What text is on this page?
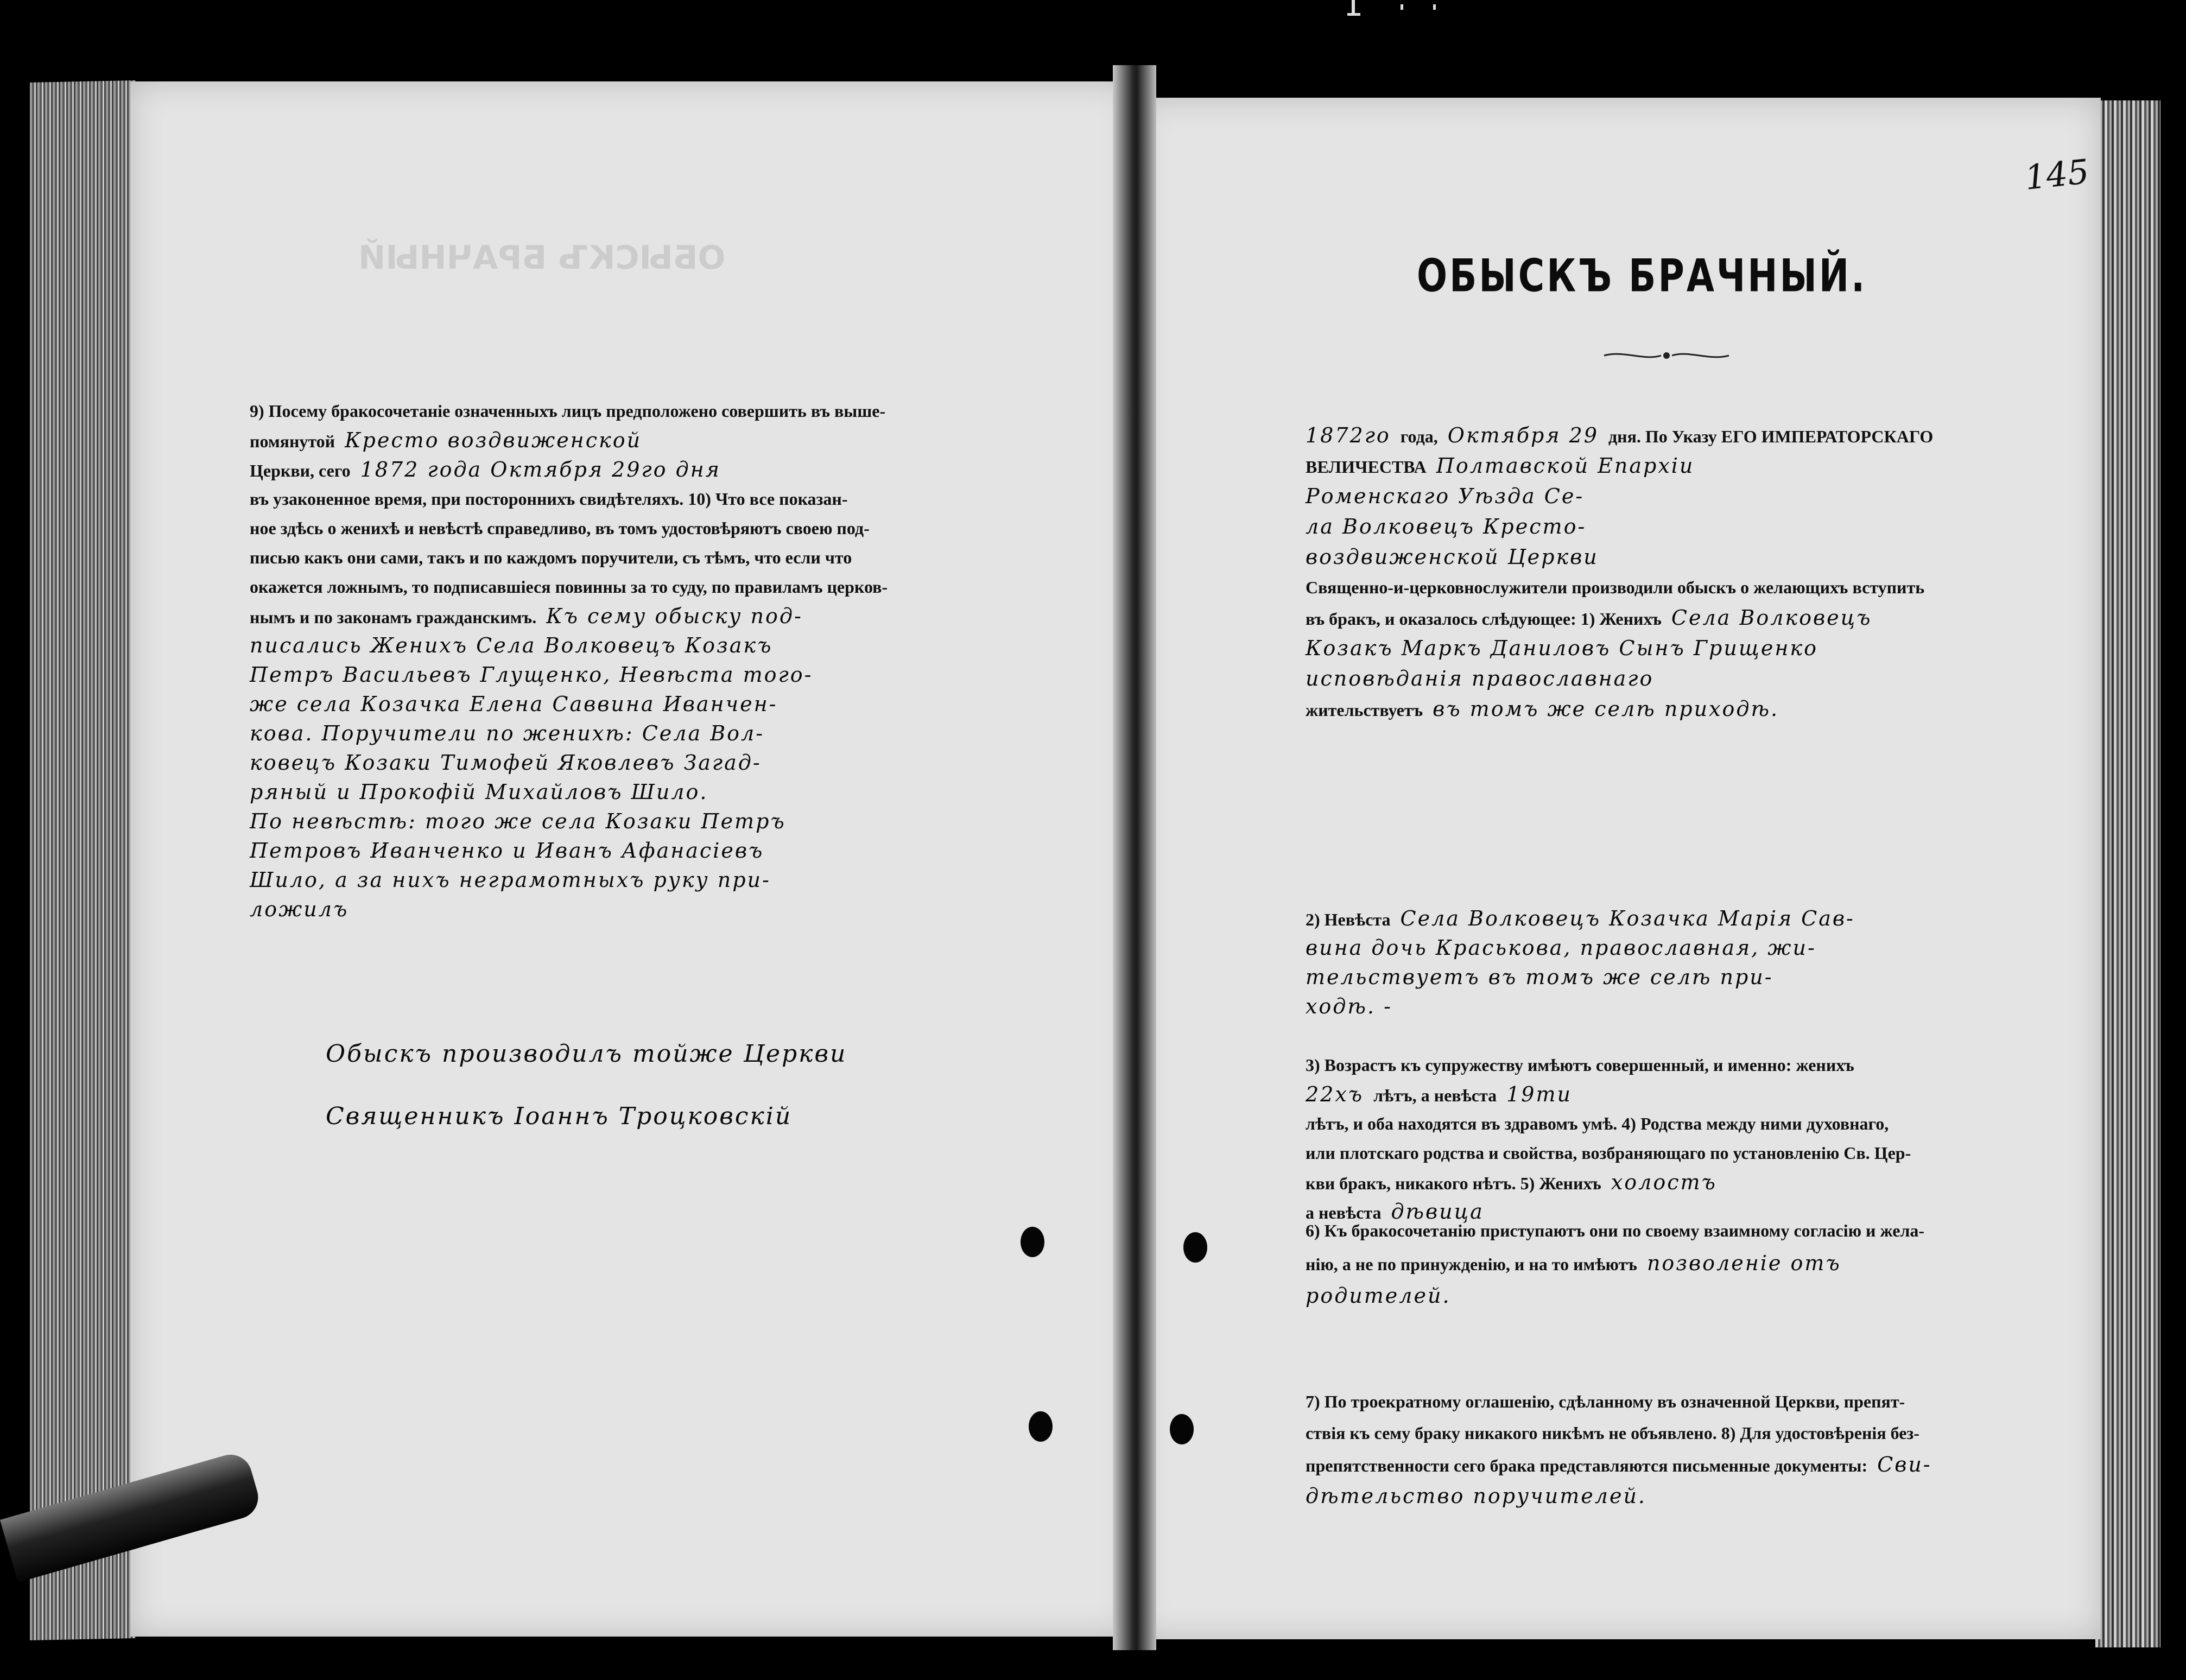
ОБЫСКЪ БРАЧНЫЙ
9) Посему бракосочетаніе означенныхъ лицъ предположено совершить въ выше-
помянутой Кресто воздвиженской
Церкви, сего 1872 года Октября 29го дня
въ узаконенное время, при постороннихъ свидѣтеляхъ. 10) Что все показан-
ное здѣсь о женихѣ и невѣстѣ справедливо, въ томъ удостовѣряютъ своею под-
писью какъ они сами, такъ и по каждомъ поручители, съ тѣмъ, что если что
окажется ложнымъ, то подписавшіеся повинны за то суду, по правиламъ церков-
нымъ и по законамъ гражданскимъ. Къ сему обыску под-
писались Женихъ Села Волковецъ Козакъ
Петръ Васильевъ Глущенко, Невѣста того-
же села Козачка Елена Саввина Иванчен-
кова. Поручители по женихѣ: Села Вол-
ковецъ Козаки Тимофей Яковлевъ Загад-
ряный и Прокофій Михайловъ Шило.
По невѣстѣ: того же села Козаки Петръ
Петровъ Иванченко и Иванъ Афанасіевъ
Шило, а за нихъ неграмотныхъ руку при-
ложилъ
Обыскъ производилъ тойже Церкви
Священникъ Іоаннъ Троцковскій
145
ОБЫСКЪ БРАЧНЫЙ.
1872го года, Октября 29 дня. По Указу ЕГО ИМПЕРАТОРСКАГО
ВЕЛИЧЕСТВА Полтавской Епархіи
Роменскаго Уѣзда Се-
ла Волковецъ Кресто-
воздвиженской Церкви
Священно-и-церковнослужители производили обыскъ о желающихъ вступить
въ бракъ, и оказалось слѣдующее: 1) Женихъ Села Волковецъ
Козакъ Маркъ Даниловъ Сынъ Грищенко
исповѣданія православнаго
жительствуетъ въ томъ же селѣ приходѣ.
2) Невѣста Села Волковецъ Козачка Марія Сав-
вина дочь Краськова, православная, жи-
тельствуетъ въ томъ же селѣ при-
ходѣ. -
3) Возрастъ къ супружеству имѣютъ совершенный, и именно: женихъ
22хъ лѣтъ, а невѣста 19ти
лѣтъ, и оба находятся въ здравомъ умѣ. 4) Родства между ними духовнаго,
или плотскаго родства и свойства, возбраняющаго по установленію Св. Цер-
кви бракъ, никакого нѣтъ. 5) Женихъ холостъ
а невѣста дѣвица
6) Къ бракосочетанію приступаютъ они по своему взаимному согласію и жела-
нію, а не по принужденію, и на то имѣютъ позволеніе отъ
родителей.
7) По троекратному оглашенію, сдѣланному въ означенной Церкви, препят-
ствія къ сему браку никакого никѣмъ не объявлено. 8) Для удостовѣренія без-
препятственности сего брака представляются письменные документы: Сви-
дѣтельство поручителей.
